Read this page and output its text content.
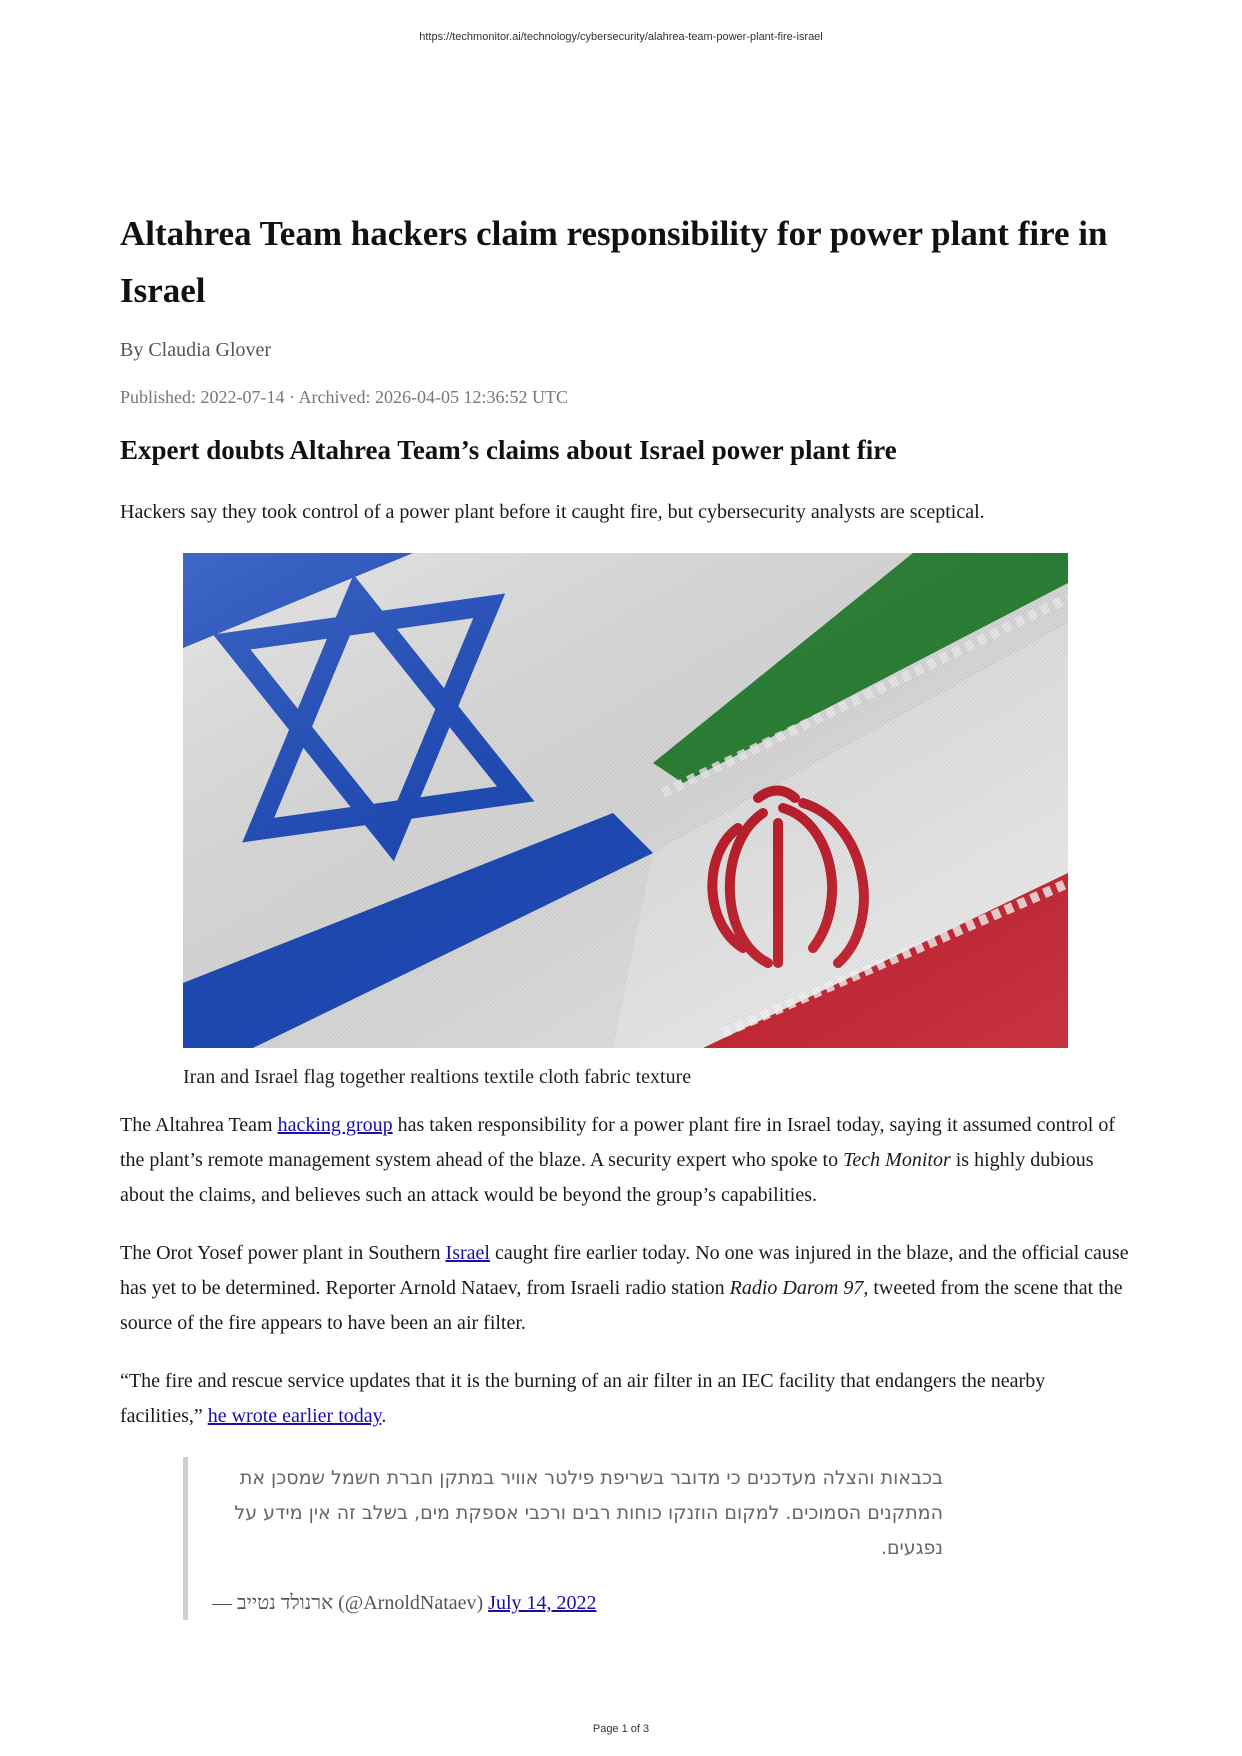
https://techmonitor.ai/technology/cybersecurity/alahrea-team-power-plant-fire-israel
Altahrea Team hackers claim responsibility for power plant fire in Israel
By Claudia Glover
Published: 2022-07-14 · Archived: 2026-04-05 12:36:52 UTC
Expert doubts Altahrea Team’s claims about Israel power plant fire

Hackers say they took control of a power plant before it caught fire, but cybersecurity analysts are sceptical.

Iran and Israel flag together realtions textile cloth fabric texture

The Altahrea Team hacking group has taken responsibility for a power plant fire in Israel today, saying it assumed control of the plant’s remote management system ahead of the blaze. A security expert who spoke to Tech Monitor is highly dubious about the claims, and believes such an attack would be beyond the group’s capabilities.

The Orot Yosef power plant in Southern Israel caught fire earlier today. No one was injured in the blaze, and the official cause has yet to be determined. Reporter Arnold Nataev, from Israeli radio station Radio Darom 97, tweeted from the scene that the source of the fire appears to have been an air filter.

“The fire and rescue service updates that it is the burning of an air filter in an IEC facility that endangers the nearby facilities,” he wrote earlier today.

בכבאות והצלה מעדכנים כי מדובר בשריפת פילטר אוויר במתקן חברת חשמל שמסכן את המתקנים הסמוכים. למקום הוזנקו כוחות רבים ורכבי אספקת מים, בשלב זה אין מידע על נפגעים.
— ארנולד נטייב (@ArnoldNataev) July 14, 2022
Page 1 of 3
